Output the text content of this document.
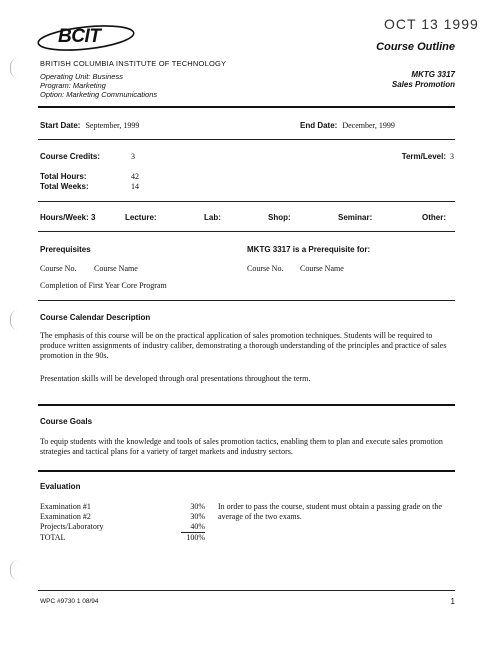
OCT 13 1999
BCIT
BRITISH COLUMBIA INSTITUTE OF TECHNOLOGY
Operating Unit: Business
Program: Marketing
Option: Marketing Communications
Course Outline
MKTG 3317
Sales Promotion
Start Date: September, 1999	End Date: December, 1999
Course Credits:	3	Term/Level: 3
Total Hours:	42
Total Weeks:	14
Hours/Week: 3	Lecture:	Lab:	Shop:	Seminar:	Other:
Prerequisites
Course No. Course Name
Completion of First Year Core Program
MKTG 3317 is a Prerequisite for:
Course No. Course Name
Course Calendar Description
The emphasis of this course will be on the practical application of sales promotion techniques. Students will be required to produce written assignments of industry caliber, demonstrating a thorough understanding of the principles and practice of sales promotion in the 90s.
Presentation skills will be developed through oral presentations throughout the term.
Course Goals
To equip students with the knowledge and tools of sales promotion tactics, enabling them to plan and execute sales promotion strategies and tactical plans for a variety of target markets and industry sectors.
Evaluation
Examination #1	30%
Examination #2	30%
Projects/Laboratory	40%
TOTAL	100%
In order to pass the course, student must obtain a passing grade on the average of the two exams.
WPC #9730 1 08/94	1
